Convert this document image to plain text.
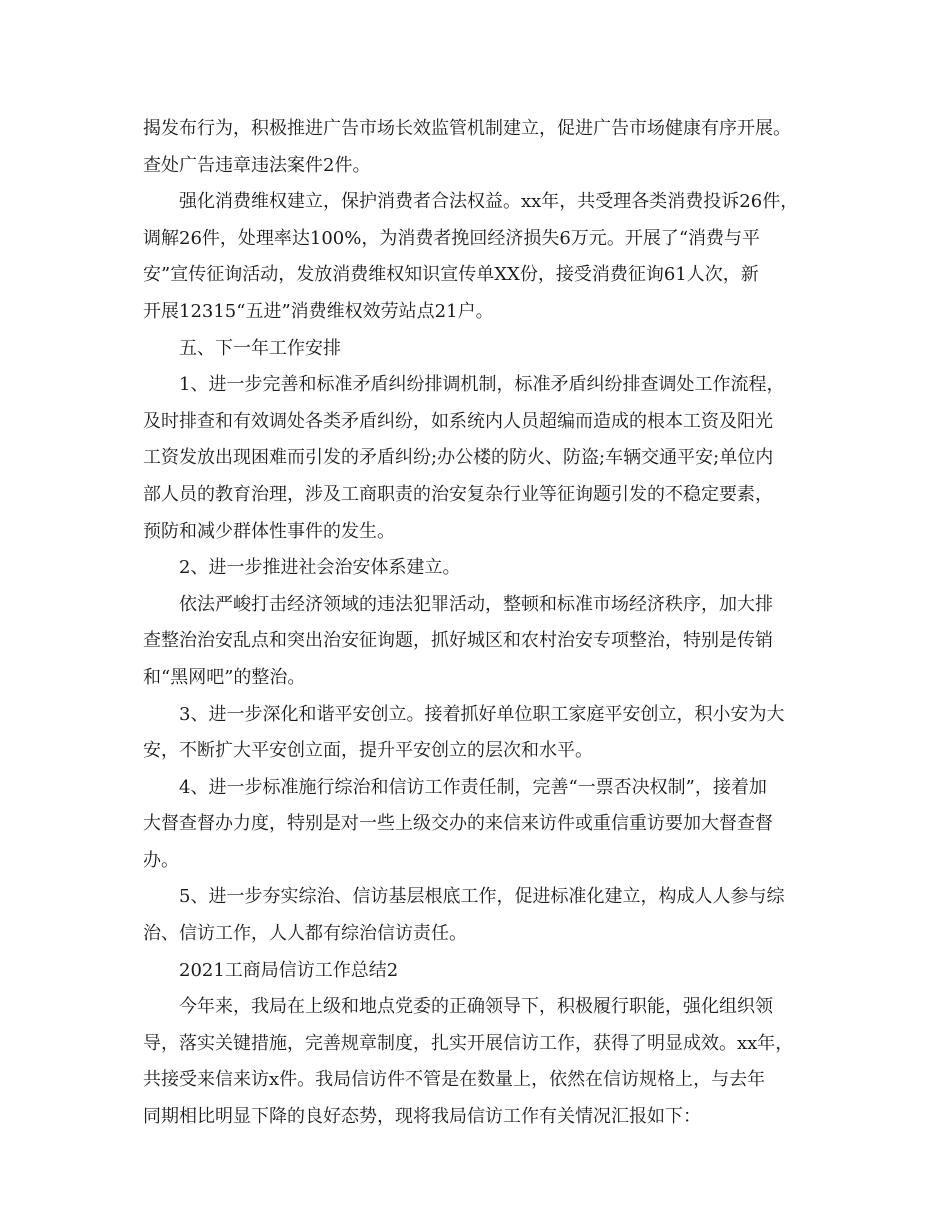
揭发布行为，积极推进广告市场长效监管机制建立，促进广告市场健康有序开展。
查处广告违章违法案件2件。
强化消费维权建立，保护消费者合法权益。xx年，共受理各类消费投诉26件，
调解26件，处理率达100%，为消费者挽回经济损失6万元。开展了“消费与平
安”宣传征询活动，发放消费维权知识宣传单XX份，接受消费征询61人次，新
开展12315“五进”消费维权效劳站点21户。
五、下一年工作安排
1、进一步完善和标准矛盾纠纷排调机制，标准矛盾纠纷排查调处工作流程，
及时排查和有效调处各类矛盾纠纷，如系统内人员超编而造成的根本工资及阳光
工资发放出现困难而引发的矛盾纠纷;办公楼的防火、防盗;车辆交通平安;单位内
部人员的教育治理，涉及工商职责的治安复杂行业等征询题引发的不稳定要素，
预防和减少群体性事件的发生。
2、进一步推进社会治安体系建立。
依法严峻打击经济领域的违法犯罪活动，整顿和标准市场经济秩序，加大排
查整治治安乱点和突出治安征询题，抓好城区和农村治安专项整治，特别是传销
和“黑网吧”的整治。
3、进一步深化和谐平安创立。接着抓好单位职工家庭平安创立，积小安为大
安，不断扩大平安创立面，提升平安创立的层次和水平。
4、进一步标准施行综治和信访工作责任制，完善“一票否决权制”，接着加
大督查督办力度，特别是对一些上级交办的来信来访件或重信重访要加大督查督
办。
5、进一步夯实综治、信访基层根底工作，促进标准化建立，构成人人参与综
治、信访工作，人人都有综治信访责任。
2021工商局信访工作总结2
今年来，我局在上级和地点党委的正确领导下，积极履行职能，强化组织领
导，落实关键措施，完善规章制度，扎实开展信访工作，获得了明显成效。xx年，
共接受来信来访x件。我局信访件不管是在数量上，依然在信访规格上，与去年
同期相比明显下降的良好态势，现将我局信访工作有关情况汇报如下：
